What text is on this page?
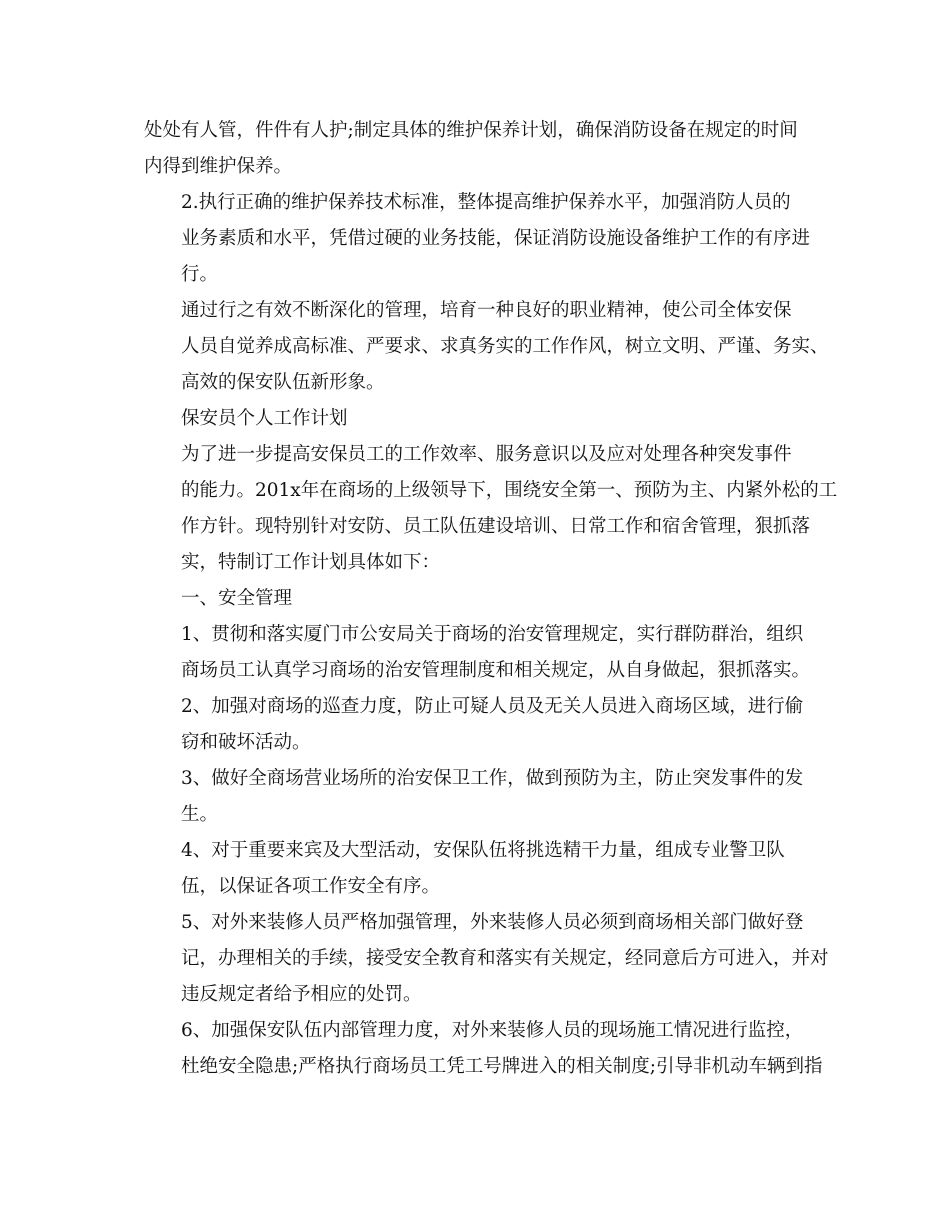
处处有人管，件件有人护;制定具体的维护保养计划，确保消防设备在规定的时间
内得到维护保养。
2.执行正确的维护保养技术标准，整体提高维护保养水平，加强消防人员的
业务素质和水平，凭借过硬的业务技能，保证消防设施设备维护工作的有序进
行。
通过行之有效不断深化的管理，培育一种良好的职业精神，使公司全体安保
人员自觉养成高标准、严要求、求真务实的工作作风，树立文明、严谨、务实、
高效的保安队伍新形象。
保安员个人工作计划
为了进一步提高安保员工的工作效率、服务意识以及应对处理各种突发事件
的能力。201x年在商场的上级领导下，围绕安全第一、预防为主、内紧外松的工
作方针。现特别针对安防、员工队伍建设培训、日常工作和宿舍管理，狠抓落
实，特制订工作计划具体如下：
一、安全管理
1、贯彻和落实厦门市公安局关于商场的治安管理规定，实行群防群治，组织
商场员工认真学习商场的治安管理制度和相关规定，从自身做起，狠抓落实。
2、加强对商场的巡查力度，防止可疑人员及无关人员进入商场区域，进行偷
窃和破坏活动。
3、做好全商场营业场所的治安保卫工作，做到预防为主，防止突发事件的发
生。
4、对于重要来宾及大型活动，安保队伍将挑选精干力量，组成专业警卫队
伍，以保证各项工作安全有序。
5、对外来装修人员严格加强管理，外来装修人员必须到商场相关部门做好登
记，办理相关的手续，接受安全教育和落实有关规定，经同意后方可进入，并对
违反规定者给予相应的处罚。
6、加强保安队伍内部管理力度，对外来装修人员的现场施工情况进行监控，
杜绝安全隐患;严格执行商场员工凭工号牌进入的相关制度;引导非机动车辆到指
